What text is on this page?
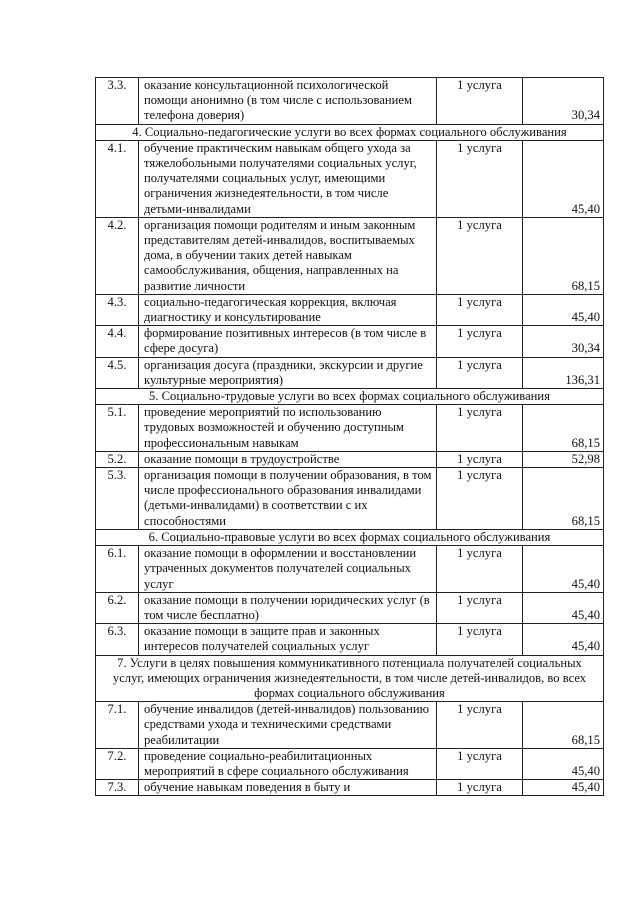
3.3.	оказание консультационной психологической помощи анонимно (в том числе с использованием телефона доверия)	1 услуга	30,34
4. Социально-педагогические услуги во всех формах социального обслуживания			
4.1.	обучение практическим навыкам общего ухода за тяжелобольными получателями социальных услуг, получателями социальных услуг, имеющими ограничения жизнедеятельности, в том числе детьми-инвалидами	1 услуга	45,40
4.2.	организация помощи родителям и иным законным представителям детей-инвалидов, воспитываемых дома, в обучении таких детей навыкам самообслуживания, общения, направленных на развитие личности	1 услуга	68,15
4.3.	социально-педагогическая коррекция, включая диагностику и консультирование	1 услуга	45,40
4.4.	формирование позитивных интересов (в том числе в сфере досуга)	1 услуга	30,34
4.5.	организация досуга (праздники, экскурсии и другие культурные мероприятия)	1 услуга	136,31
5. Социально-трудовые услуги во всех формах социального обслуживания			
5.1.	проведение мероприятий по использованию трудовых возможностей и обучению доступным профессиональным навыкам	1 услуга	68,15
5.2.	оказание помощи в трудоустройстве	1 услуга	52,98
5.3.	организация помощи в получении образования, в том числе профессионального образования инвалидами (детьми-инвалидами) в соответствии с их способностями	1 услуга	68,15
6. Социально-правовые услуги во всех формах социального обслуживания			
6.1.	оказание помощи в оформлении и восстановлении утраченных документов получателей социальных услуг	1 услуга	45,40
6.2.	оказание помощи в получении юридических услуг (в том числе бесплатно)	1 услуга	45,40
6.3.	оказание помощи в защите прав и законных интересов получателей социальных услуг	1 услуга	45,40
7. Услуги в целях повышения коммуникативного потенциала получателей социальных услуг, имеющих ограничения жизнедеятельности, в том числе детей-инвалидов, во всех формах социального обслуживания			
7.1.	обучение инвалидов (детей-инвалидов) пользованию средствами ухода и техническими средствами реабилитации	1 услуга	68,15
7.2.	проведение социально-реабилитационных мероприятий в сфере социального обслуживания	1 услуга	45,40
7.3.	обучение навыкам поведения в быту и	1 услуга	45,40
